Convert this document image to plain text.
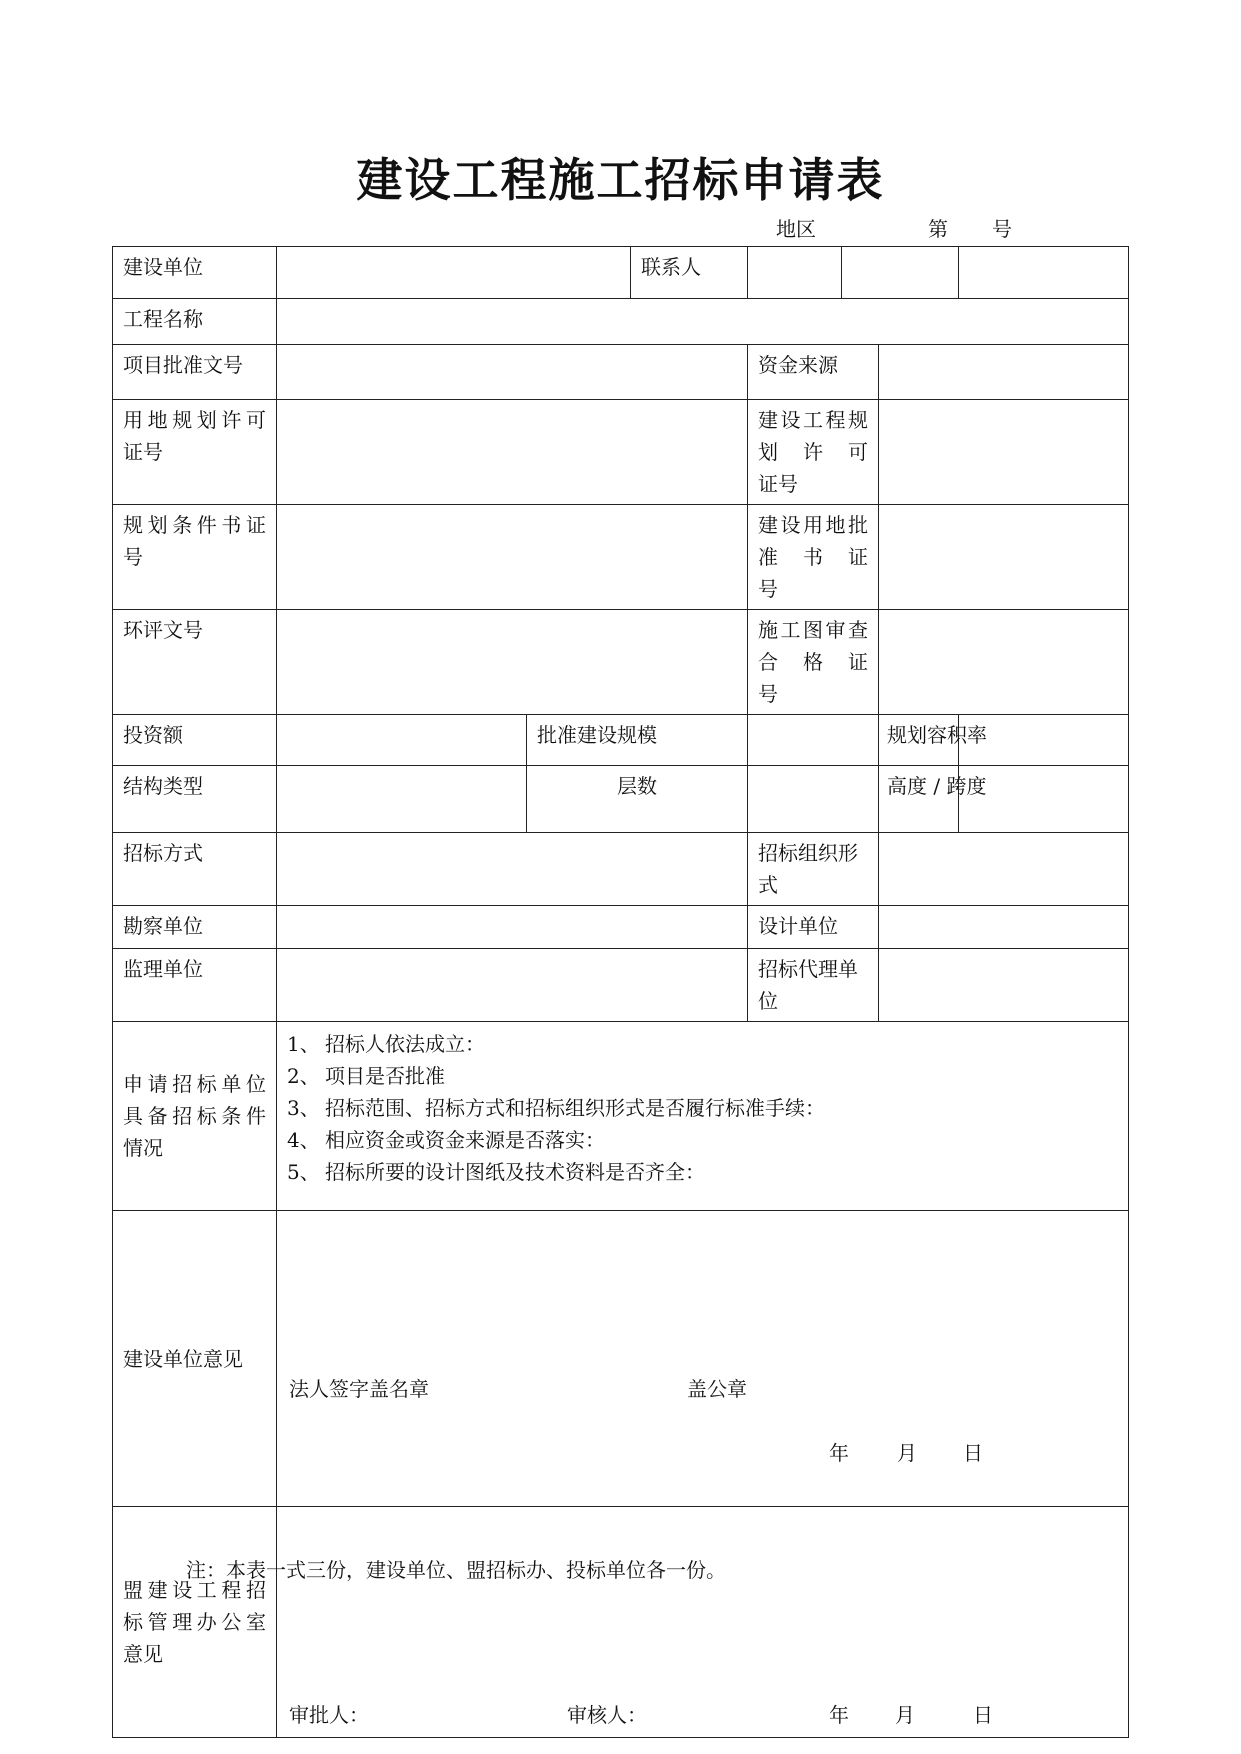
建设工程施工招标申请表
地区	第 号
建设单位			联系人				
工程名称							
项目批准文号				资金来源			

用地规划许可
证号				建设工程规划许可
证号			

规划条件书证
号				建设用地批准书证
号			

环评文号				施工图审查合格证
号			

投资额		批准建设规模				规划容积率	
结构类型		层数				高度 / 跨度	
招标方式				招标组织形式			
勘察单位				设计单位			
监理单位				招标代理单位			

申请招标单位
具备招标条件
情况	1、 招标人依法成立：
2、 项目是否批准
3、 招标范围、招标方式和招标组织形式是否履行标准手续：
4、 相应资金或资金来源是否落实：
5、 招标所要的设计图纸及技术资料是否齐全：						

建设单位意见	法人签字盖名章 盖公章
年 月 日						

盟建设工程招
标管理办公室
意见	审批人： 审核人： 年 月 日						
注：本表一式三份，建设单位、盟招标办、投标单位各一份。
